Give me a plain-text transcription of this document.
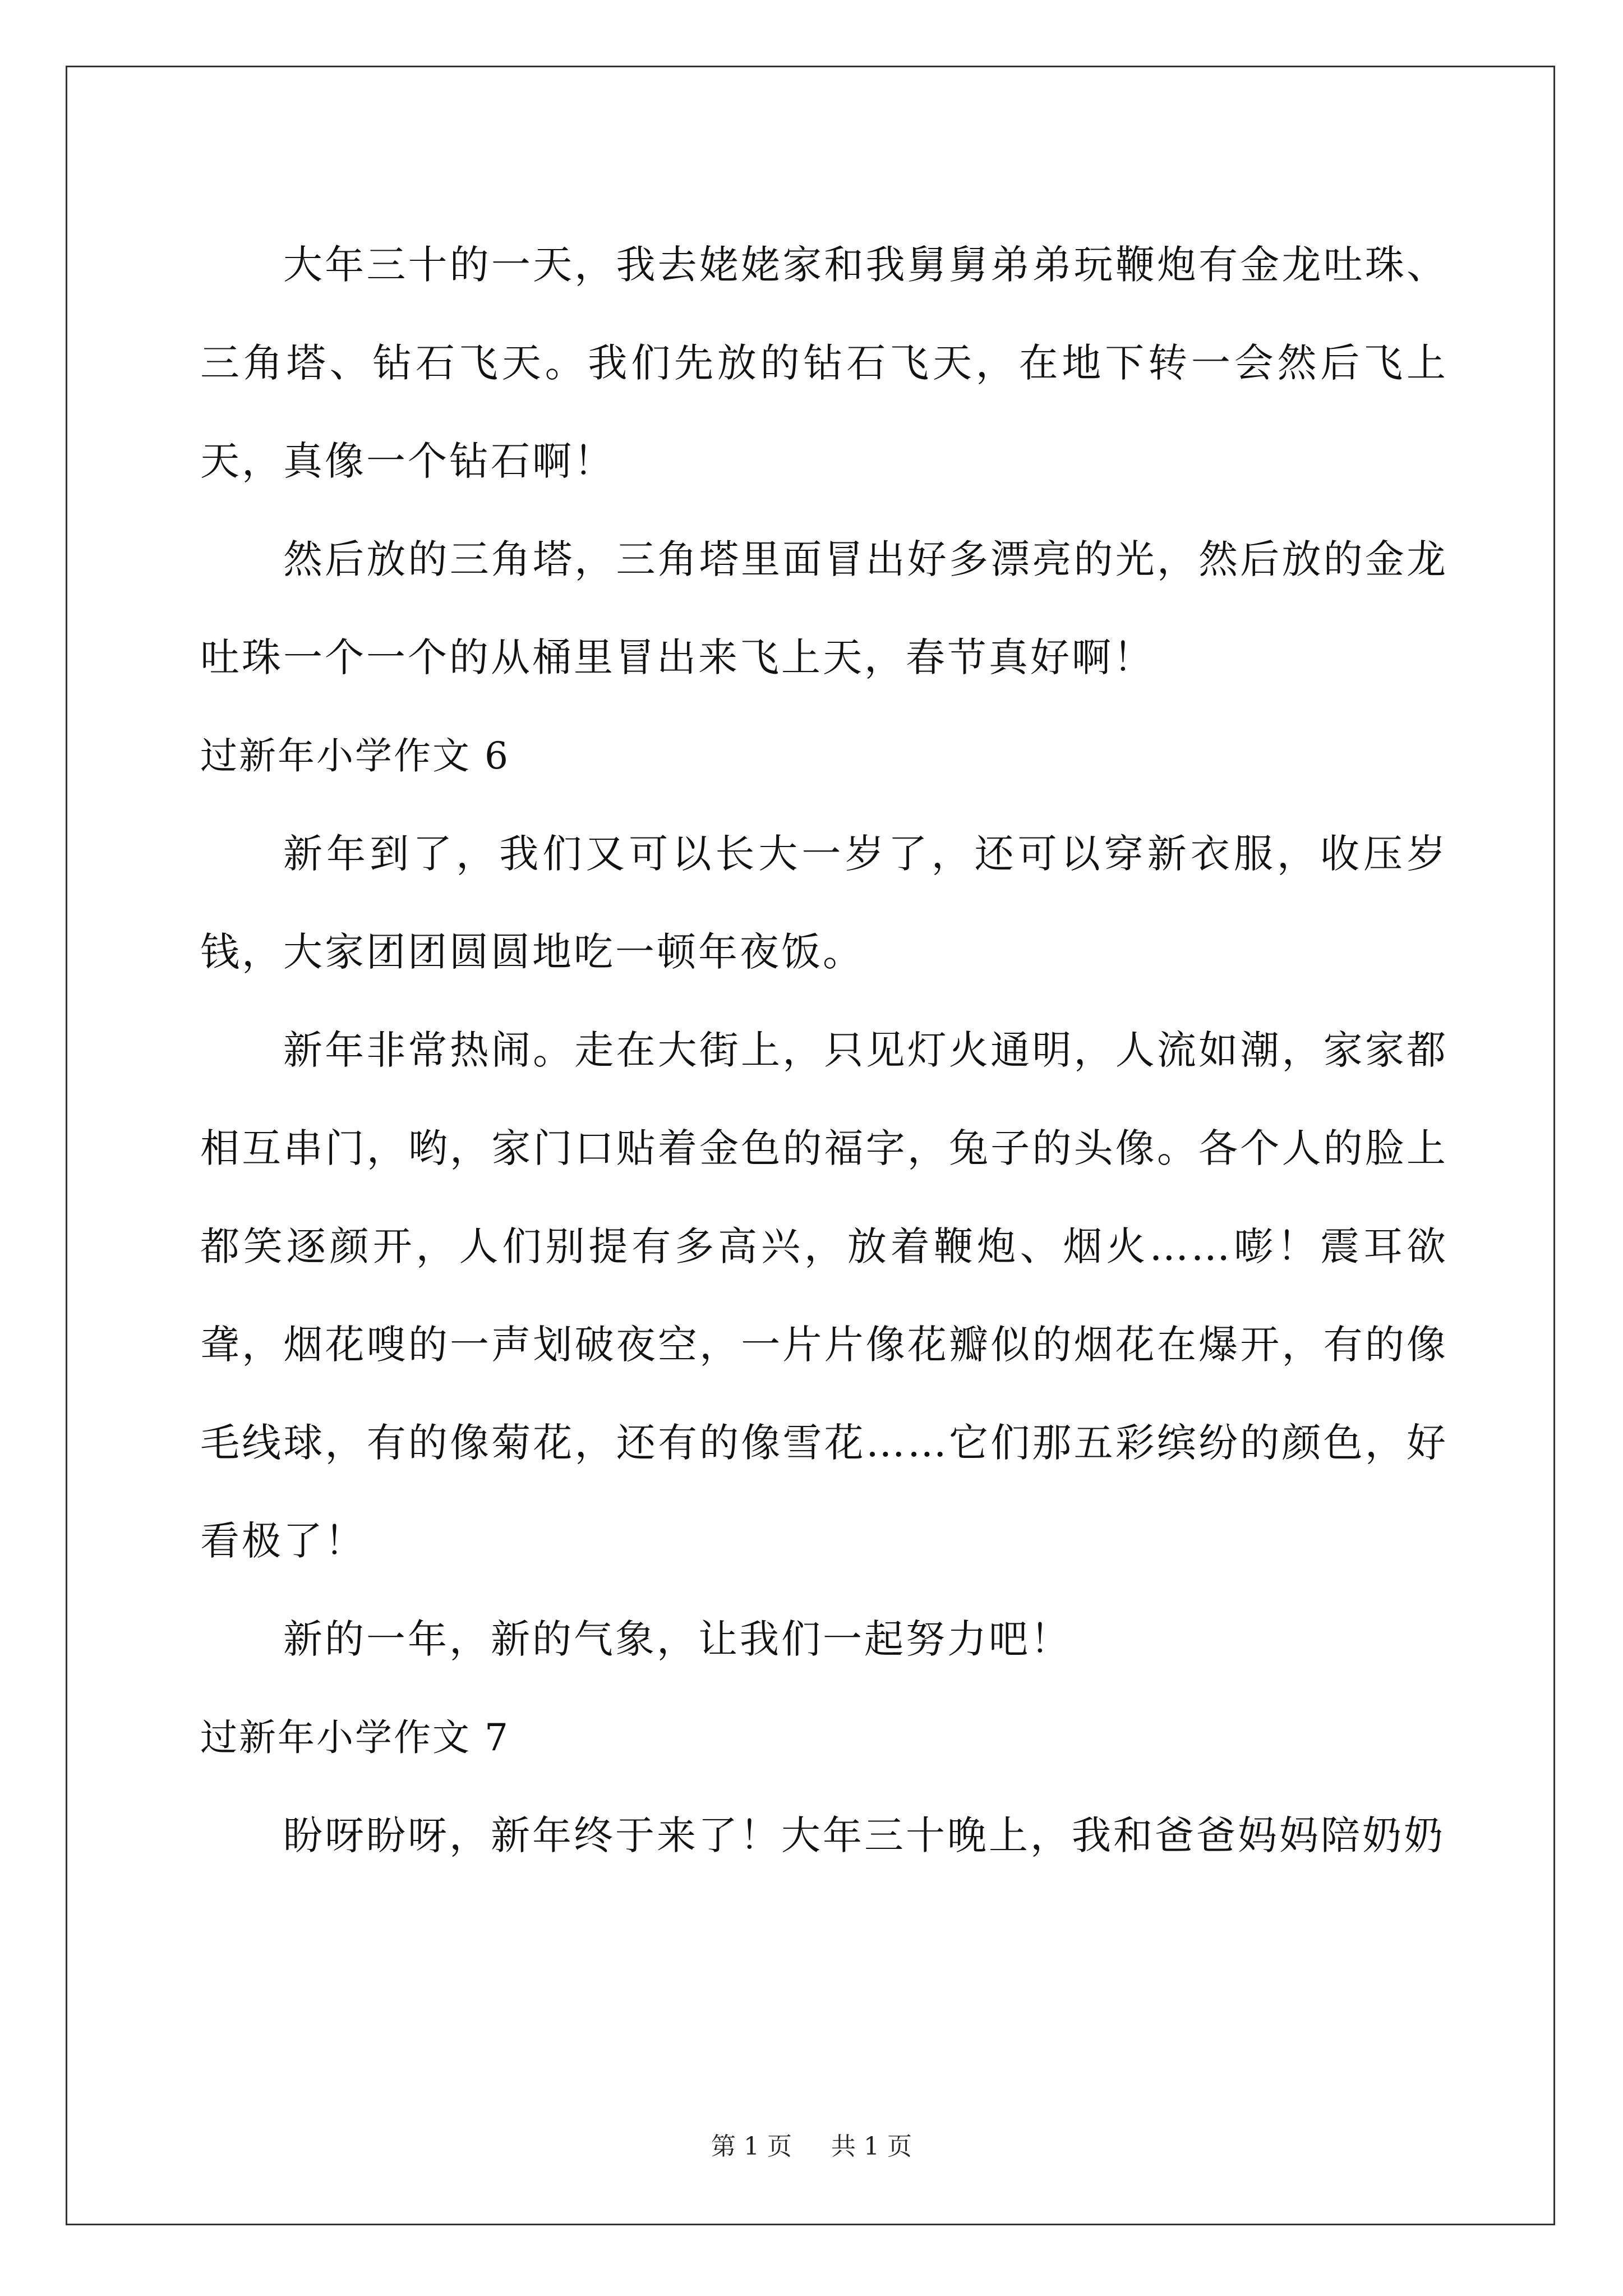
大年三十的一天，我去姥姥家和我舅舅弟弟玩鞭炮有金龙吐珠、三角塔、钻石飞天。我们先放的钻石飞天，在地下转一会然后飞上天，真像一个钻石啊！

然后放的三角塔，三角塔里面冒出好多漂亮的光，然后放的金龙吐珠一个一个的从桶里冒出来飞上天，春节真好啊！

过新年小学作文 6

新年到了，我们又可以长大一岁了，还可以穿新衣服，收压岁钱，大家团团圆圆地吃一顿年夜饭。

新年非常热闹。走在大街上，只见灯火通明，人流如潮，家家都相互串门，哟，家门口贴着金色的福字，兔子的头像。各个人的脸上都笑逐颜开，人们别提有多高兴，放着鞭炮、烟火……嘭！震耳欲聋，烟花嗖的一声划破夜空，一片片像花瓣似的烟花在爆开，有的像毛线球，有的像菊花，还有的像雪花……它们那五彩缤纷的颜色，好看极了！

新的一年，新的气象，让我们一起努力吧！

过新年小学作文 7

盼呀盼呀，新年终于来了！大年三十晚上，我和爸爸妈妈陪奶奶

第 1 页 共 1 页
